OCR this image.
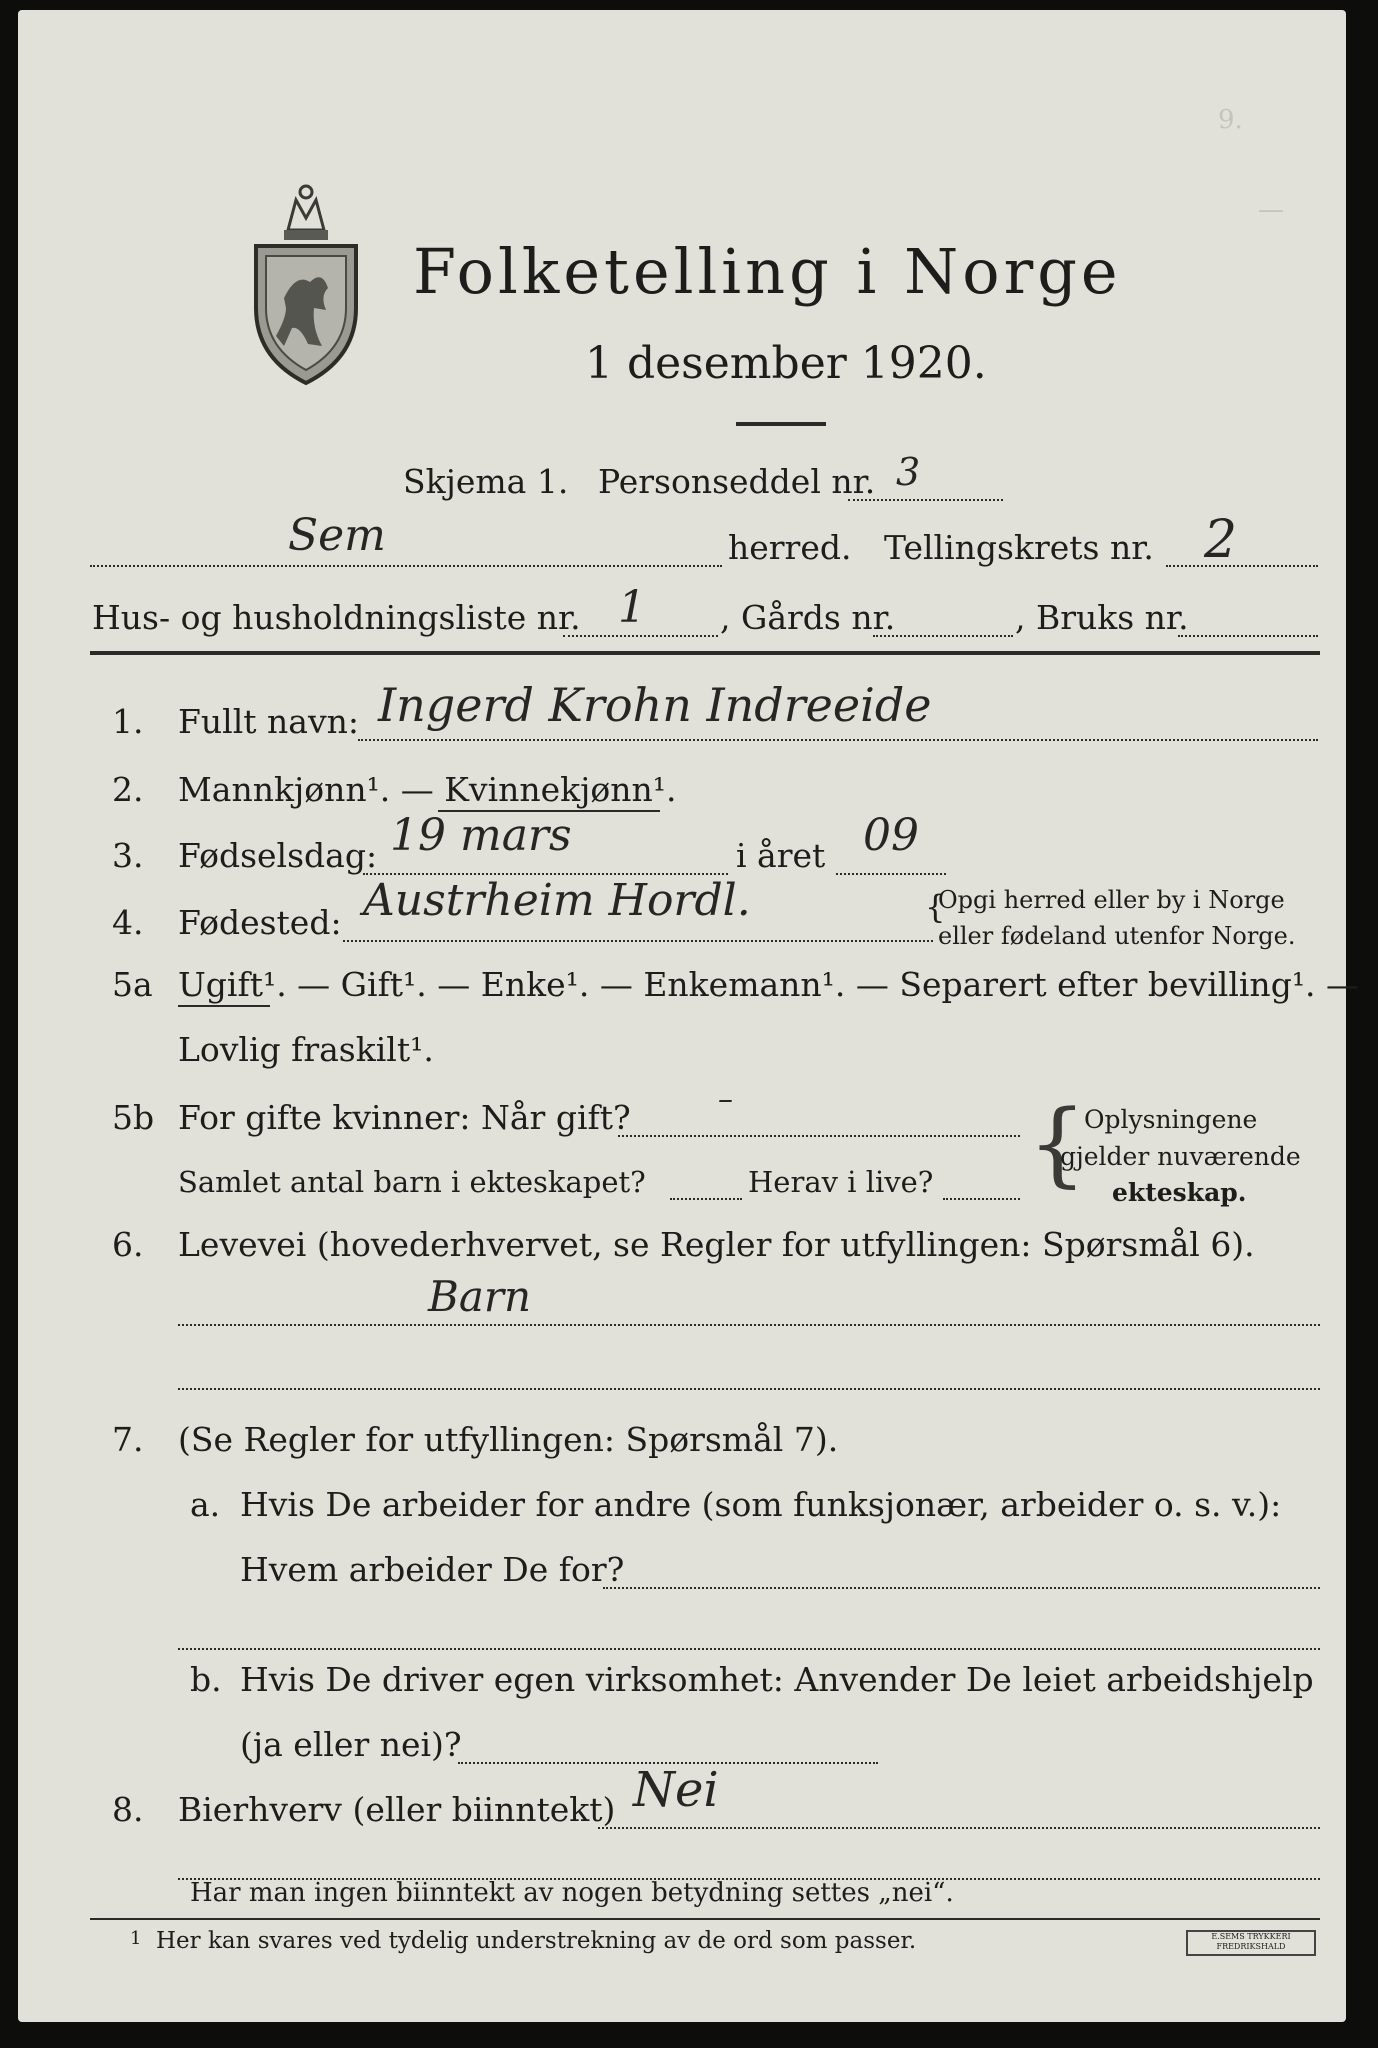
9.
—
Folketelling i Norge
1 desember 1920.
Skjema 1. Personseddel nr. 3
Sem	herred. Tellingskrets nr. 2
Hus- og husholdningsliste nr. 1 , Gårds nr.	, Bruks nr.
1. Fullt navn: Ingerd Krohn Indreeide
2. Mannkjønn¹. — Kvinnekjønn¹.
3. Fødselsdag: 19 mars	i året 09
4. Fødested: Austrheim Hordl.	{
Opgi herred eller by i Norge
eller fødeland utenfor Norge.
5a Ugift¹. — Gift¹. — Enke¹. — Enkemann¹. — Separert efter bevilling¹. —
Lovlig fraskilt¹.
5b For gifte kvinner: Når gift?	–
Samlet antal barn i ekteskapet?	Herav i live? {
Oplysningene
gjelder nuværende
ekteskap.
6. Levevei (hovederhvervet, se Regler for utfyllingen: Spørsmål 6).
Barn
7. (Se Regler for utfyllingen: Spørsmål 7).
a. Hvis De arbeider for andre (som funksjonær, arbeider o. s. v.):
Hvem arbeider De for?
b. Hvis De driver egen virksomhet: Anvender De leiet arbeidshjelp
(ja eller nei)?
8. Bierhverv (eller biinntekt) Nei
Har man ingen biinntekt av nogen betydning settes „nei“.
1 Her kan svares ved tydelig understrekning av de ord som passer.	E.SEMS TRYKKERI FREDRIKSHALD
